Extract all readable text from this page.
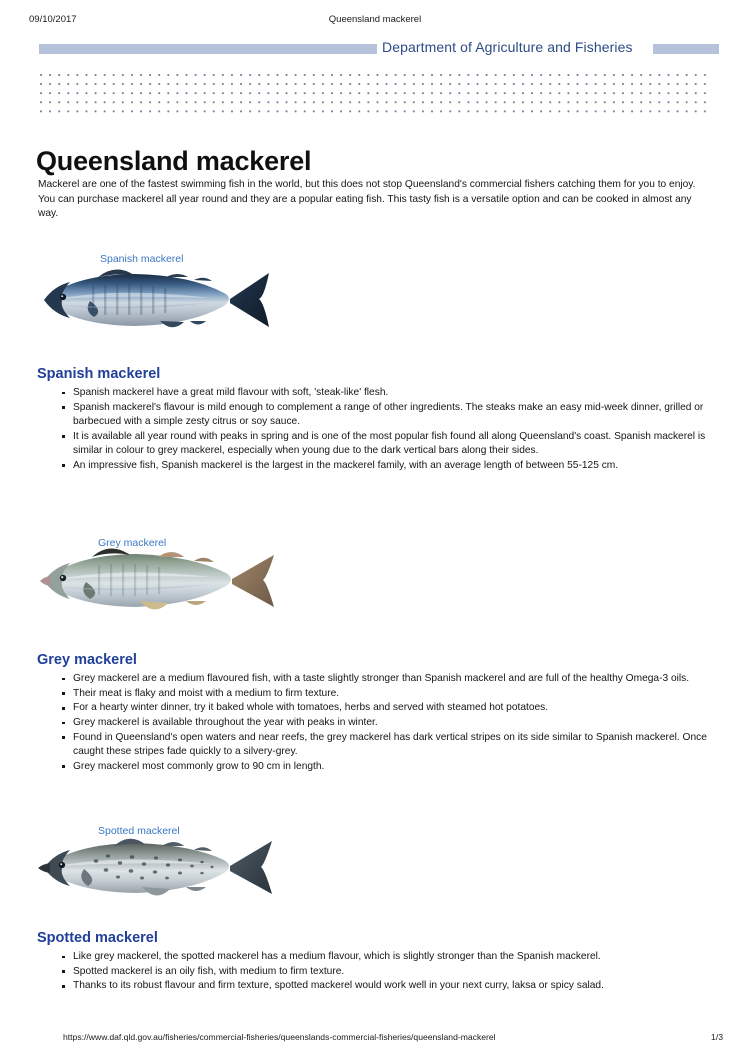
09/10/2017	Queensland mackerel
Department of Agriculture and Fisheries
Queensland mackerel

Mackerel are one of the fastest swimming fish in the world, but this does not stop Queensland's commercial fishers catching them for you to enjoy. You can purchase mackerel all year round and they are a popular eating fish. This tasty fish is a versatile option and can be cooked in almost any way.

Spanish mackerel
Spanish mackerel
Spanish mackerel have a great mild flavour with soft, 'steak-like' flesh.
Spanish mackerel's flavour is mild enough to complement a range of other ingredients. The steaks make an easy mid-week dinner, grilled or barbecued with a simple zesty citrus or soy sauce.
It is available all year round with peaks in spring and is one of the most popular fish found all along Queensland's coast. Spanish mackerel is similar in colour to grey mackerel, especially when young due to the dark vertical bars along their sides.
An impressive fish, Spanish mackerel is the largest in the mackerel family, with an average length of between 55-125 cm.
Grey mackerel
Grey mackerel
Grey mackerel are a medium flavoured fish, with a taste slightly stronger than Spanish mackerel and are full of the healthy Omega-3 oils.
Their meat is flaky and moist with a medium to firm texture.
For a hearty winter dinner, try it baked whole with tomatoes, herbs and served with steamed hot potatoes.
Grey mackerel is available throughout the year with peaks in winter.
Found in Queensland's open waters and near reefs, the grey mackerel has dark vertical stripes on its side similar to Spanish mackerel. Once caught these stripes fade quickly to a silvery-grey.
Grey mackerel most commonly grow to 90 cm in length.
Spotted mackerel
Spotted mackerel
Like grey mackerel, the spotted mackerel has a medium flavour, which is slightly stronger than the Spanish mackerel.
Spotted mackerel is an oily fish, with medium to firm texture.
Thanks to its robust flavour and firm texture, spotted mackerel would work well in your next curry, laksa or spicy salad.
https://www.daf.qld.gov.au/fisheries/commercial-fisheries/queenslands-commercial-fisheries/queensland-mackerel	1/3
